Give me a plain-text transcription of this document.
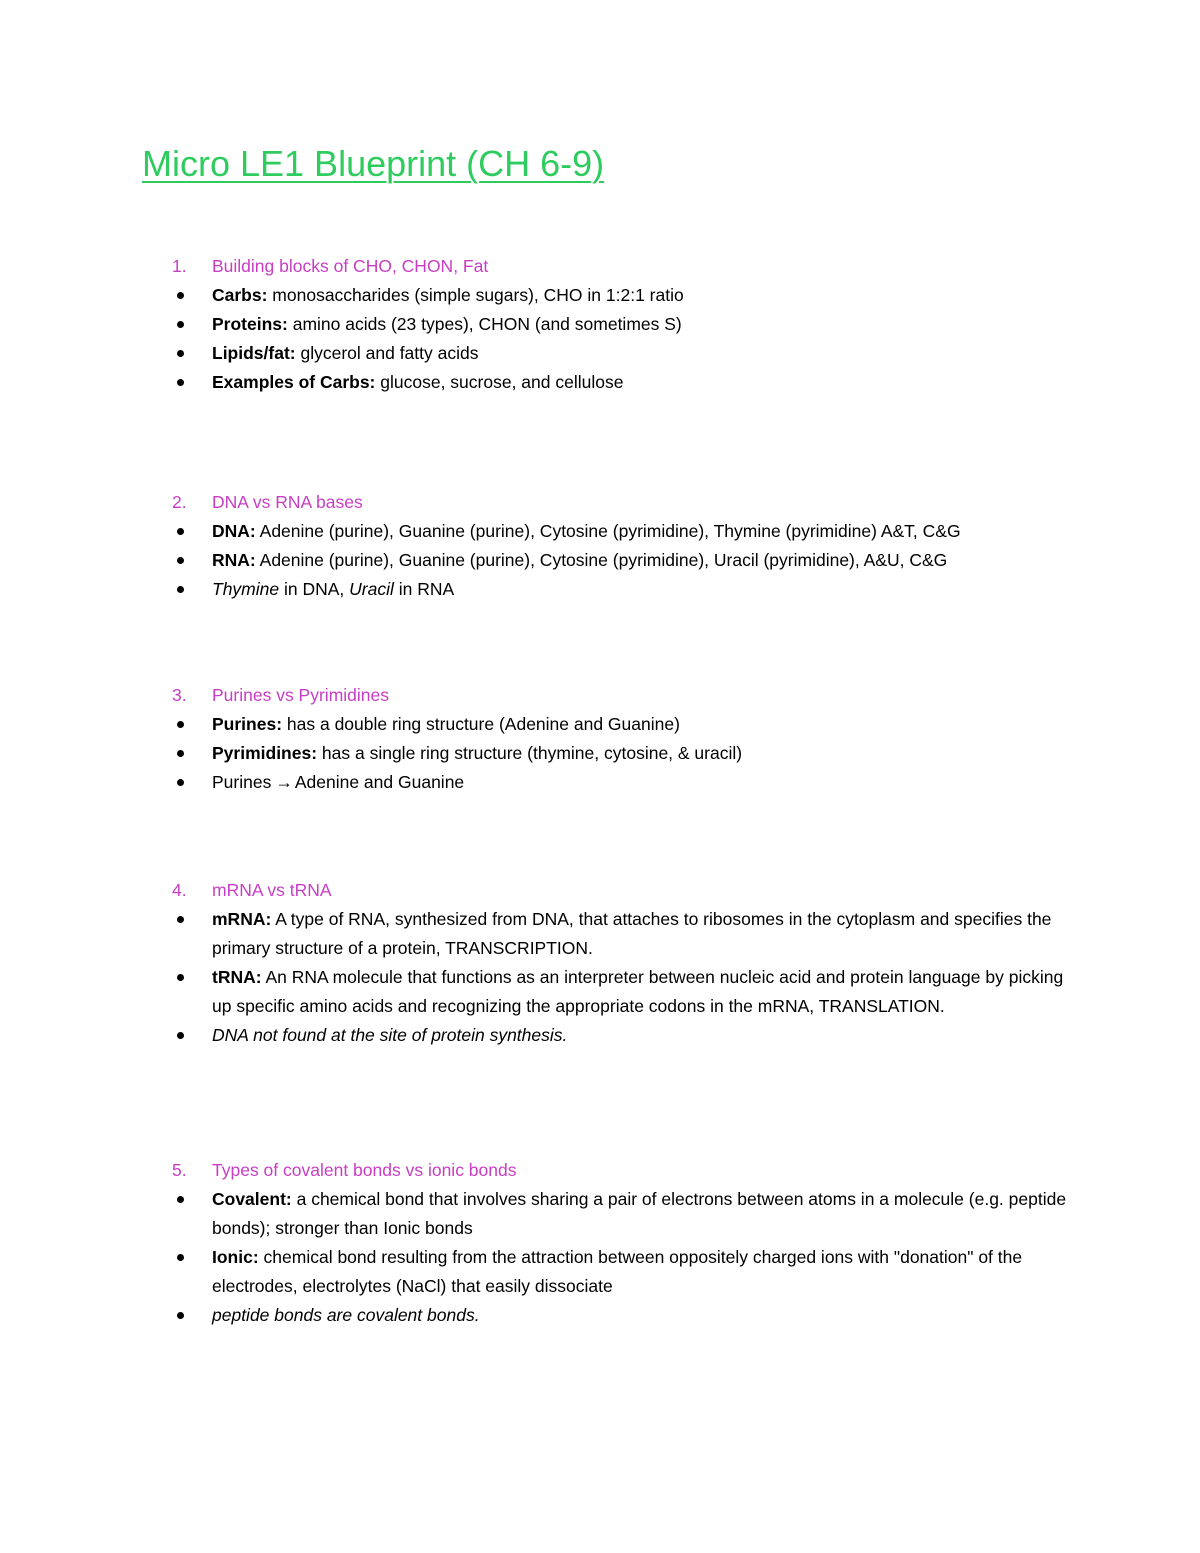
Micro LE1 Blueprint (CH 6-9)
1. Building blocks of CHO, CHON, Fat
Carbs: monosaccharides (simple sugars), CHO in 1:2:1 ratio
Proteins: amino acids (23 types), CHON (and sometimes S)
Lipids/fat: glycerol and fatty acids
Examples of Carbs: glucose, sucrose, and cellulose
2. DNA vs RNA bases
DNA: Adenine (purine), Guanine (purine), Cytosine (pyrimidine), Thymine (pyrimidine) A&T, C&G
RNA: Adenine (purine), Guanine (purine), Cytosine (pyrimidine), Uracil (pyrimidine), A&U, C&G
Thymine in DNA, Uracil in RNA
3. Purines vs Pyrimidines
Purines: has a double ring structure (Adenine and Guanine)
Pyrimidines: has a single ring structure (thymine, cytosine, & uracil)
Purines → Adenine and Guanine
4. mRNA vs tRNA
mRNA: A type of RNA, synthesized from DNA, that attaches to ribosomes in the cytoplasm and specifies the primary structure of a protein, TRANSCRIPTION.
tRNA: An RNA molecule that functions as an interpreter between nucleic acid and protein language by picking up specific amino acids and recognizing the appropriate codons in the mRNA, TRANSLATION.
DNA not found at the site of protein synthesis.
5. Types of covalent bonds vs ionic bonds
Covalent: a chemical bond that involves sharing a pair of electrons between atoms in a molecule (e.g. peptide bonds); stronger than Ionic bonds
Ionic: chemical bond resulting from the attraction between oppositely charged ions with "donation" of the electrodes, electrolytes (NaCl) that easily dissociate
peptide bonds are covalent bonds.
